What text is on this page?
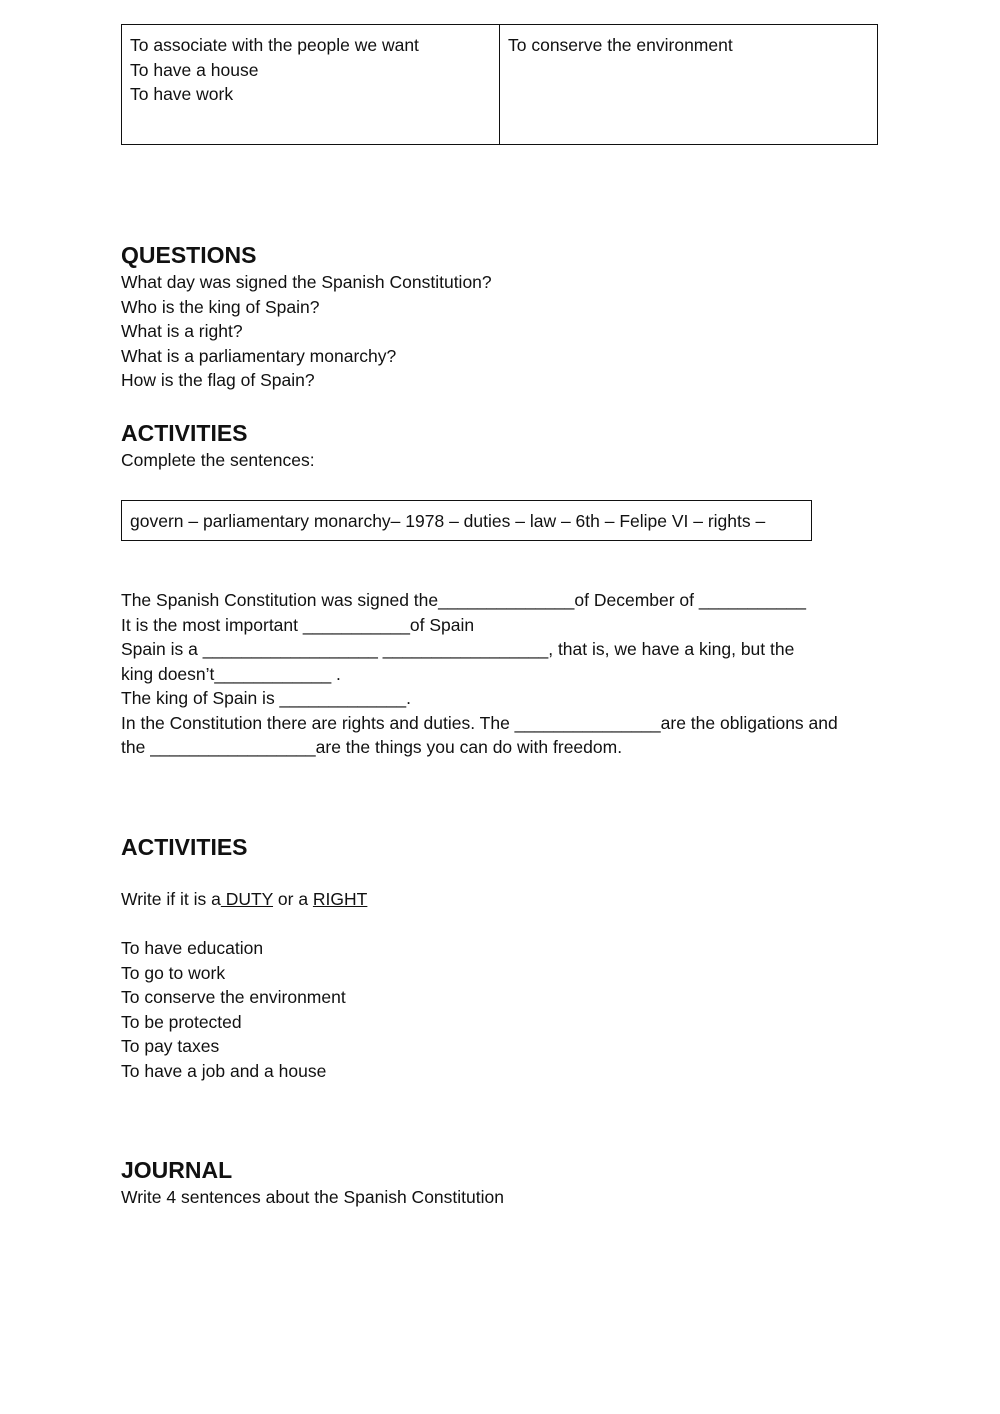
To associate with the people we want
To have a house
To have work
To conserve the environment
QUESTIONS
What day was signed the Spanish Constitution?
Who is the king of Spain?
What is a right?
What is a parliamentary monarchy?
How is the flag of Spain?
ACTIVITIES
Complete the sentences:
govern – parliamentary monarchy– 1978 – duties – law – 6th – Felipe VI – rights –
The Spanish Constitution was signed the______________of December of ___________
It is the most important ___________of Spain
Spain is a __________________ _________________, that is, we have a king, but the
king doesn’t____________ .
The king of Spain is _____________.
In the Constitution there are rights and duties. The _______________are the obligations and
the _________________are the things you can do with freedom.
ACTIVITIES
Write if it is a DUTY or a RIGHT
To have education
To go to work
To conserve the environment
To be protected
To pay taxes
To have a job and a house
JOURNAL
Write 4 sentences about the Spanish Constitution
